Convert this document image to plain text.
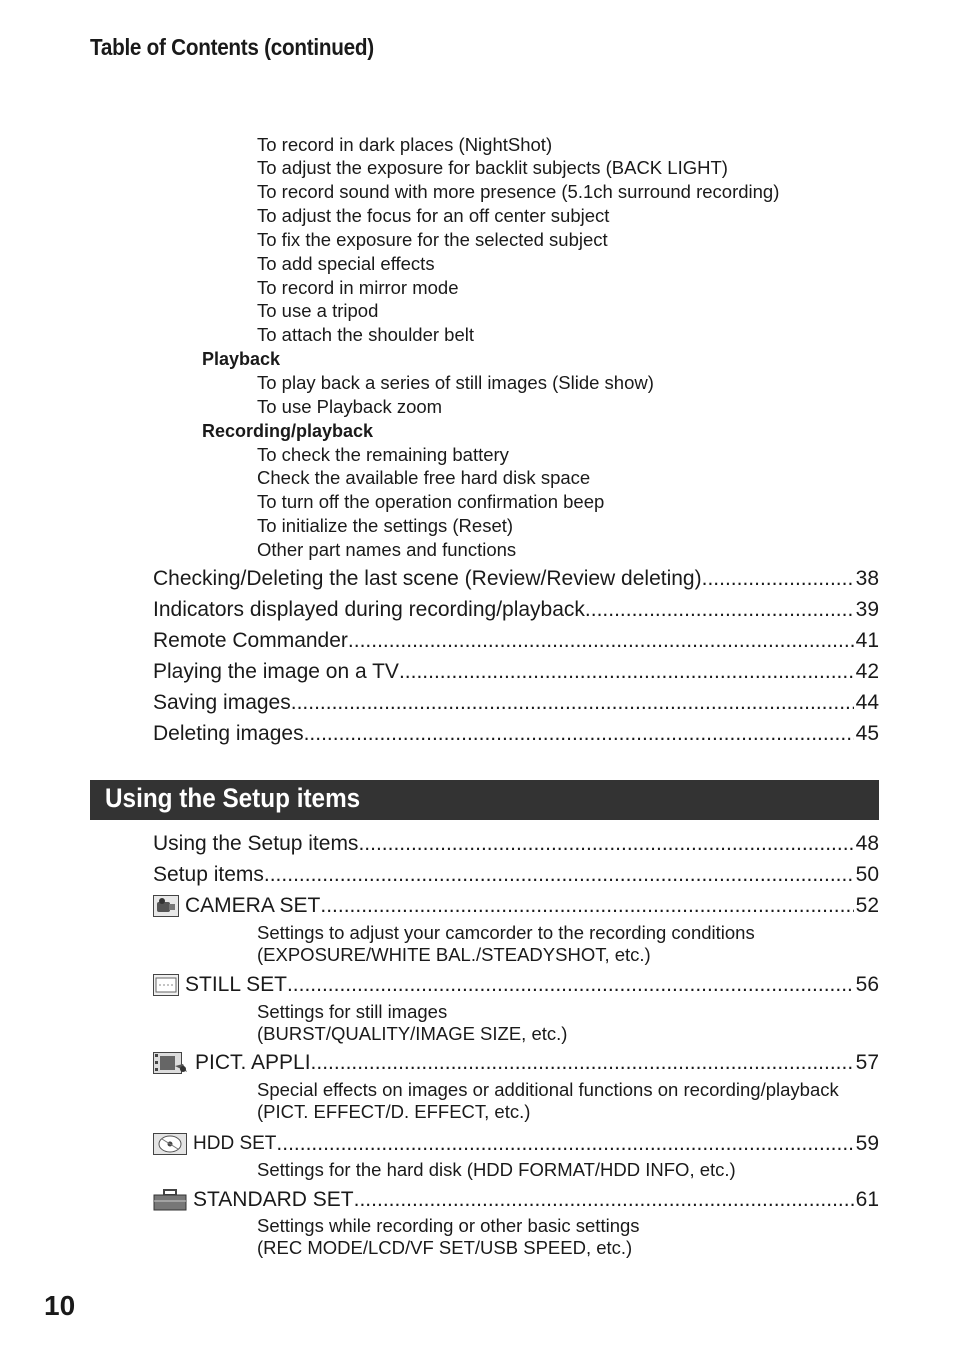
Table of Contents (continued)
To record in dark places (NightShot)
To adjust the exposure for backlit subjects (BACK LIGHT)
To record sound with more presence (5.1ch surround recording)
To adjust the focus for an off center subject
To fix the exposure for the selected subject
To add special effects
To record in mirror mode
To use a tripod
To attach the shoulder belt
Playback
To play back a series of still images (Slide show)
To use Playback zoom
Recording/playback
To check the remaining battery
Check the available free hard disk space
To turn off the operation confirmation beep
To initialize the settings (Reset)
Other part names and functions
Checking/Deleting the last scene (Review/Review deleting) .....	38
Indicators displayed during recording/playback .....	39
Remote Commander .....	41
Playing the image on a TV .....	42
Saving images .....	44
Deleting images .....	45
Using the Setup items
Using the Setup items .....	48
Setup items .....	50
CAMERA SET .....	52
Settings to adjust your camcorder to the recording conditions
(EXPOSURE/WHITE BAL./STEADYSHOT, etc.)
STILL SET .....	56
Settings for still images
(BURST/QUALITY/IMAGE SIZE, etc.)
PICT. APPLI. .....	57
Special effects on images or additional functions on recording/playback
(PICT. EFFECT/D. EFFECT, etc.)
HDD SET .....	59
Settings for the hard disk (HDD FORMAT/HDD INFO, etc.)
STANDARD SET .....	61
Settings while recording or other basic settings
(REC MODE/LCD/VF SET/USB SPEED, etc.)
10
